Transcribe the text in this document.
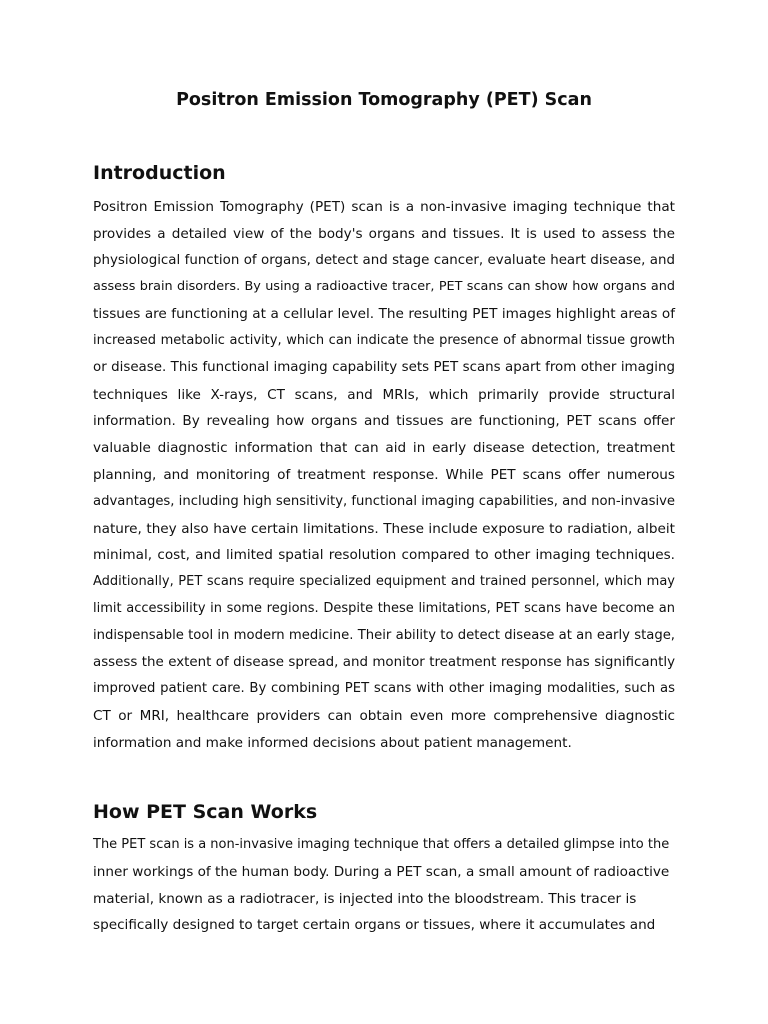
Positron Emission Tomography (PET) Scan
Introduction
Positron Emission Tomography (PET) scan is a non-invasive imaging technique that
provides a detailed view of the body's organs and tissues. It is used to assess the
physiological function of organs, detect and stage cancer, evaluate heart disease, and
assess brain disorders. By using a radioactive tracer, PET scans can show how organs and
tissues are functioning at a cellular level. The resulting PET images highlight areas of
increased metabolic activity, which can indicate the presence of abnormal tissue growth
or disease. This functional imaging capability sets PET scans apart from other imaging
techniques like X-rays, CT scans, and MRIs, which primarily provide structural
information. By revealing how organs and tissues are functioning, PET scans offer
valuable diagnostic information that can aid in early disease detection, treatment
planning, and monitoring of treatment response. While PET scans offer numerous
advantages, including high sensitivity, functional imaging capabilities, and non-invasive
nature, they also have certain limitations. These include exposure to radiation, albeit
minimal, cost, and limited spatial resolution compared to other imaging techniques.
Additionally, PET scans require specialized equipment and trained personnel, which may
limit accessibility in some regions. Despite these limitations, PET scans have become an
indispensable tool in modern medicine. Their ability to detect disease at an early stage,
assess the extent of disease spread, and monitor treatment response has significantly
improved patient care. By combining PET scans with other imaging modalities, such as
CT or MRI, healthcare providers can obtain even more comprehensive diagnostic
information and make informed decisions about patient management.
How PET Scan Works
The PET scan is a non-invasive imaging technique that offers a detailed glimpse into the
inner workings of the human body. During a PET scan, a small amount of radioactive
material, known as a radiotracer, is injected into the bloodstream. This tracer is
specifically designed to target certain organs or tissues, where it accumulates and
